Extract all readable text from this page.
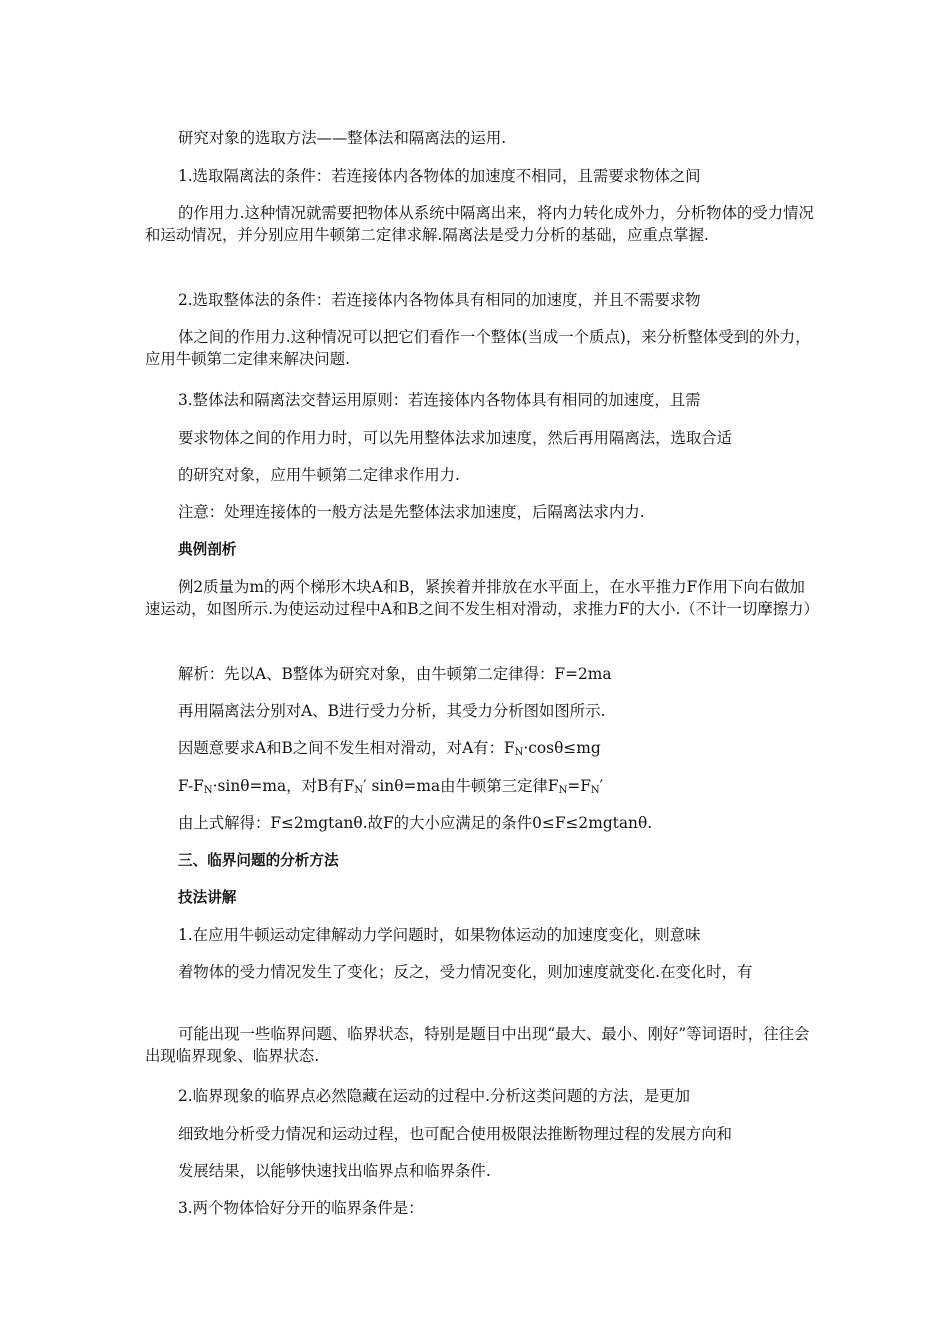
研究对象的选取方法——整体法和隔离法的运用.
1.选取隔离法的条件：若连接体内各物体的加速度不相同，且需要求物体之间
的作用力.这种情况就需要把物体从系统中隔离出来，将内力转化成外力，分析物体的受力情况和运动情况，并分别应用牛顿第二定律求解.隔离法是受力分析的基础，应重点掌握.
2.选取整体法的条件：若连接体内各物体具有相同的加速度，并且不需要求物
体之间的作用力.这种情况可以把它们看作一个整体(当成一个质点)，来分析整体受到的外力，应用牛顿第二定律来解决问题.
3.整体法和隔离法交替运用原则：若连接体内各物体具有相同的加速度，且需
要求物体之间的作用力时，可以先用整体法求加速度，然后再用隔离法，选取合适
的研究对象，应用牛顿第二定律求作用力.
注意：处理连接体的一般方法是先整体法求加速度，后隔离法求内力.
典例剖析
例2质量为m的两个梯形木块A和B，紧挨着并排放在水平面上，在水平推力F作用下向右做加速运动，如图所示.为使运动过程中A和B之间不发生相对滑动，求推力F的大小.（不计一切摩擦力）
解析：先以A、B整体为研究对象，由牛顿第二定律得：F=2ma
再用隔离法分别对A、B进行受力分析，其受力分析图如图所示.
因题意要求A和B之间不发生相对滑动，对A有：$F_N\cdot\cos\theta\le mg$
$F-F_N\cdot\sin\theta=ma$，对B有$F_N'$ sinθ=ma由牛顿第三定律$F_N=F_N'$
由上式解得：F≤2mgtanθ.故F的大小应满足的条件0≤F≤2mgtanθ.
三、临界问题的分析方法
技法讲解
1.在应用牛顿运动定律解动力学问题时，如果物体运动的加速度变化，则意味
着物体的受力情况发生了变化；反之，受力情况变化，则加速度就变化.在变化时，有
可能出现一些临界问题、临界状态，特别是题目中出现“最大、最小、刚好”等词语时，往往会出现临界现象、临界状态.
2.临界现象的临界点必然隐藏在运动的过程中.分析这类问题的方法，是更加
细致地分析受力情况和运动过程，也可配合使用极限法推断物理过程的发展方向和
发展结果，以能够快速找出临界点和临界条件.
3.两个物体恰好分开的临界条件是：
